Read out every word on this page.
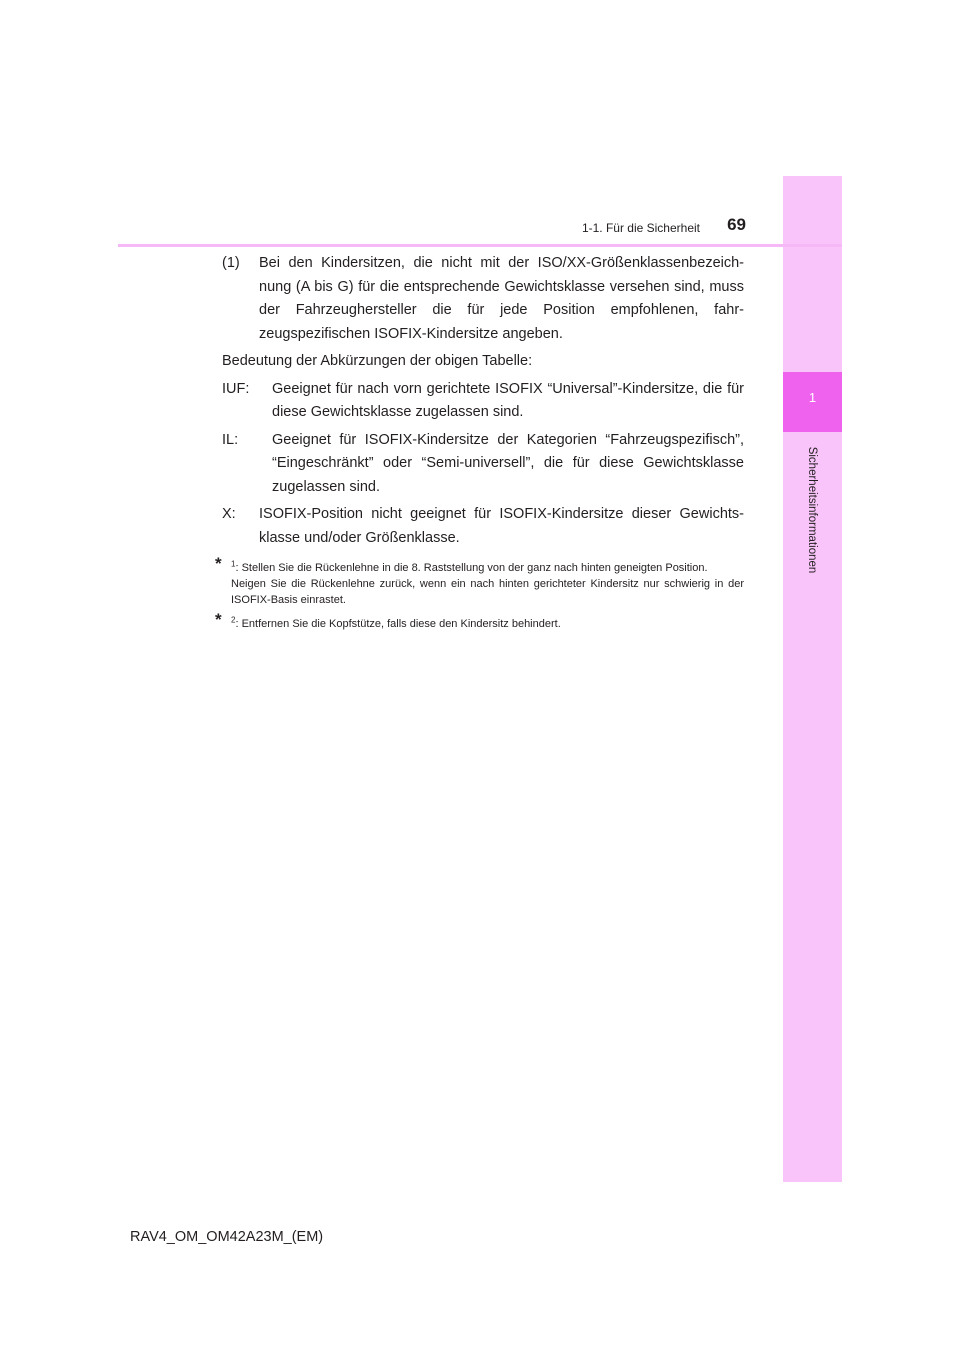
1
Sicherheitsinformationen
1-1. Für die Sicherheit	69
(1) Bei den Kindersitzen, die nicht mit der ISO/XX-Größenklassenbezeich-nung (A bis G) für die entsprechende Gewichtsklasse versehen sind, muss der Fahrzeughersteller die für jede Position empfohlenen, fahr-zeugspezifischen ISOFIX-Kindersitze angeben.
Bedeutung der Abkürzungen der obigen Tabelle:
IUF: Geeignet für nach vorn gerichtete ISOFIX “Universal”-Kindersitze, die für diese Gewichtsklasse zugelassen sind.
IL: Geeignet für ISOFIX-Kindersitze der Kategorien “Fahrzeugspezifisch”, “Eingeschränkt” oder “Semi-universell”, die für diese Gewichtsklasse zugelassen sind.
X: ISOFIX-Position nicht geeignet für ISOFIX-Kindersitze dieser Gewichts-klasse und/oder Größenklasse.
* $^1$: Stellen Sie die Rückenlehne in die 8. Raststellung von der ganz nach hinten geneigten Position.
Neigen Sie die Rückenlehne zurück, wenn ein nach hinten gerichteter Kindersitz nur schwierig in der ISOFIX-Basis einrastet.
* $^2$: Entfernen Sie die Kopfstütze, falls diese den Kindersitz behindert.
RAV4_OM_OM42A23M_(EM)
